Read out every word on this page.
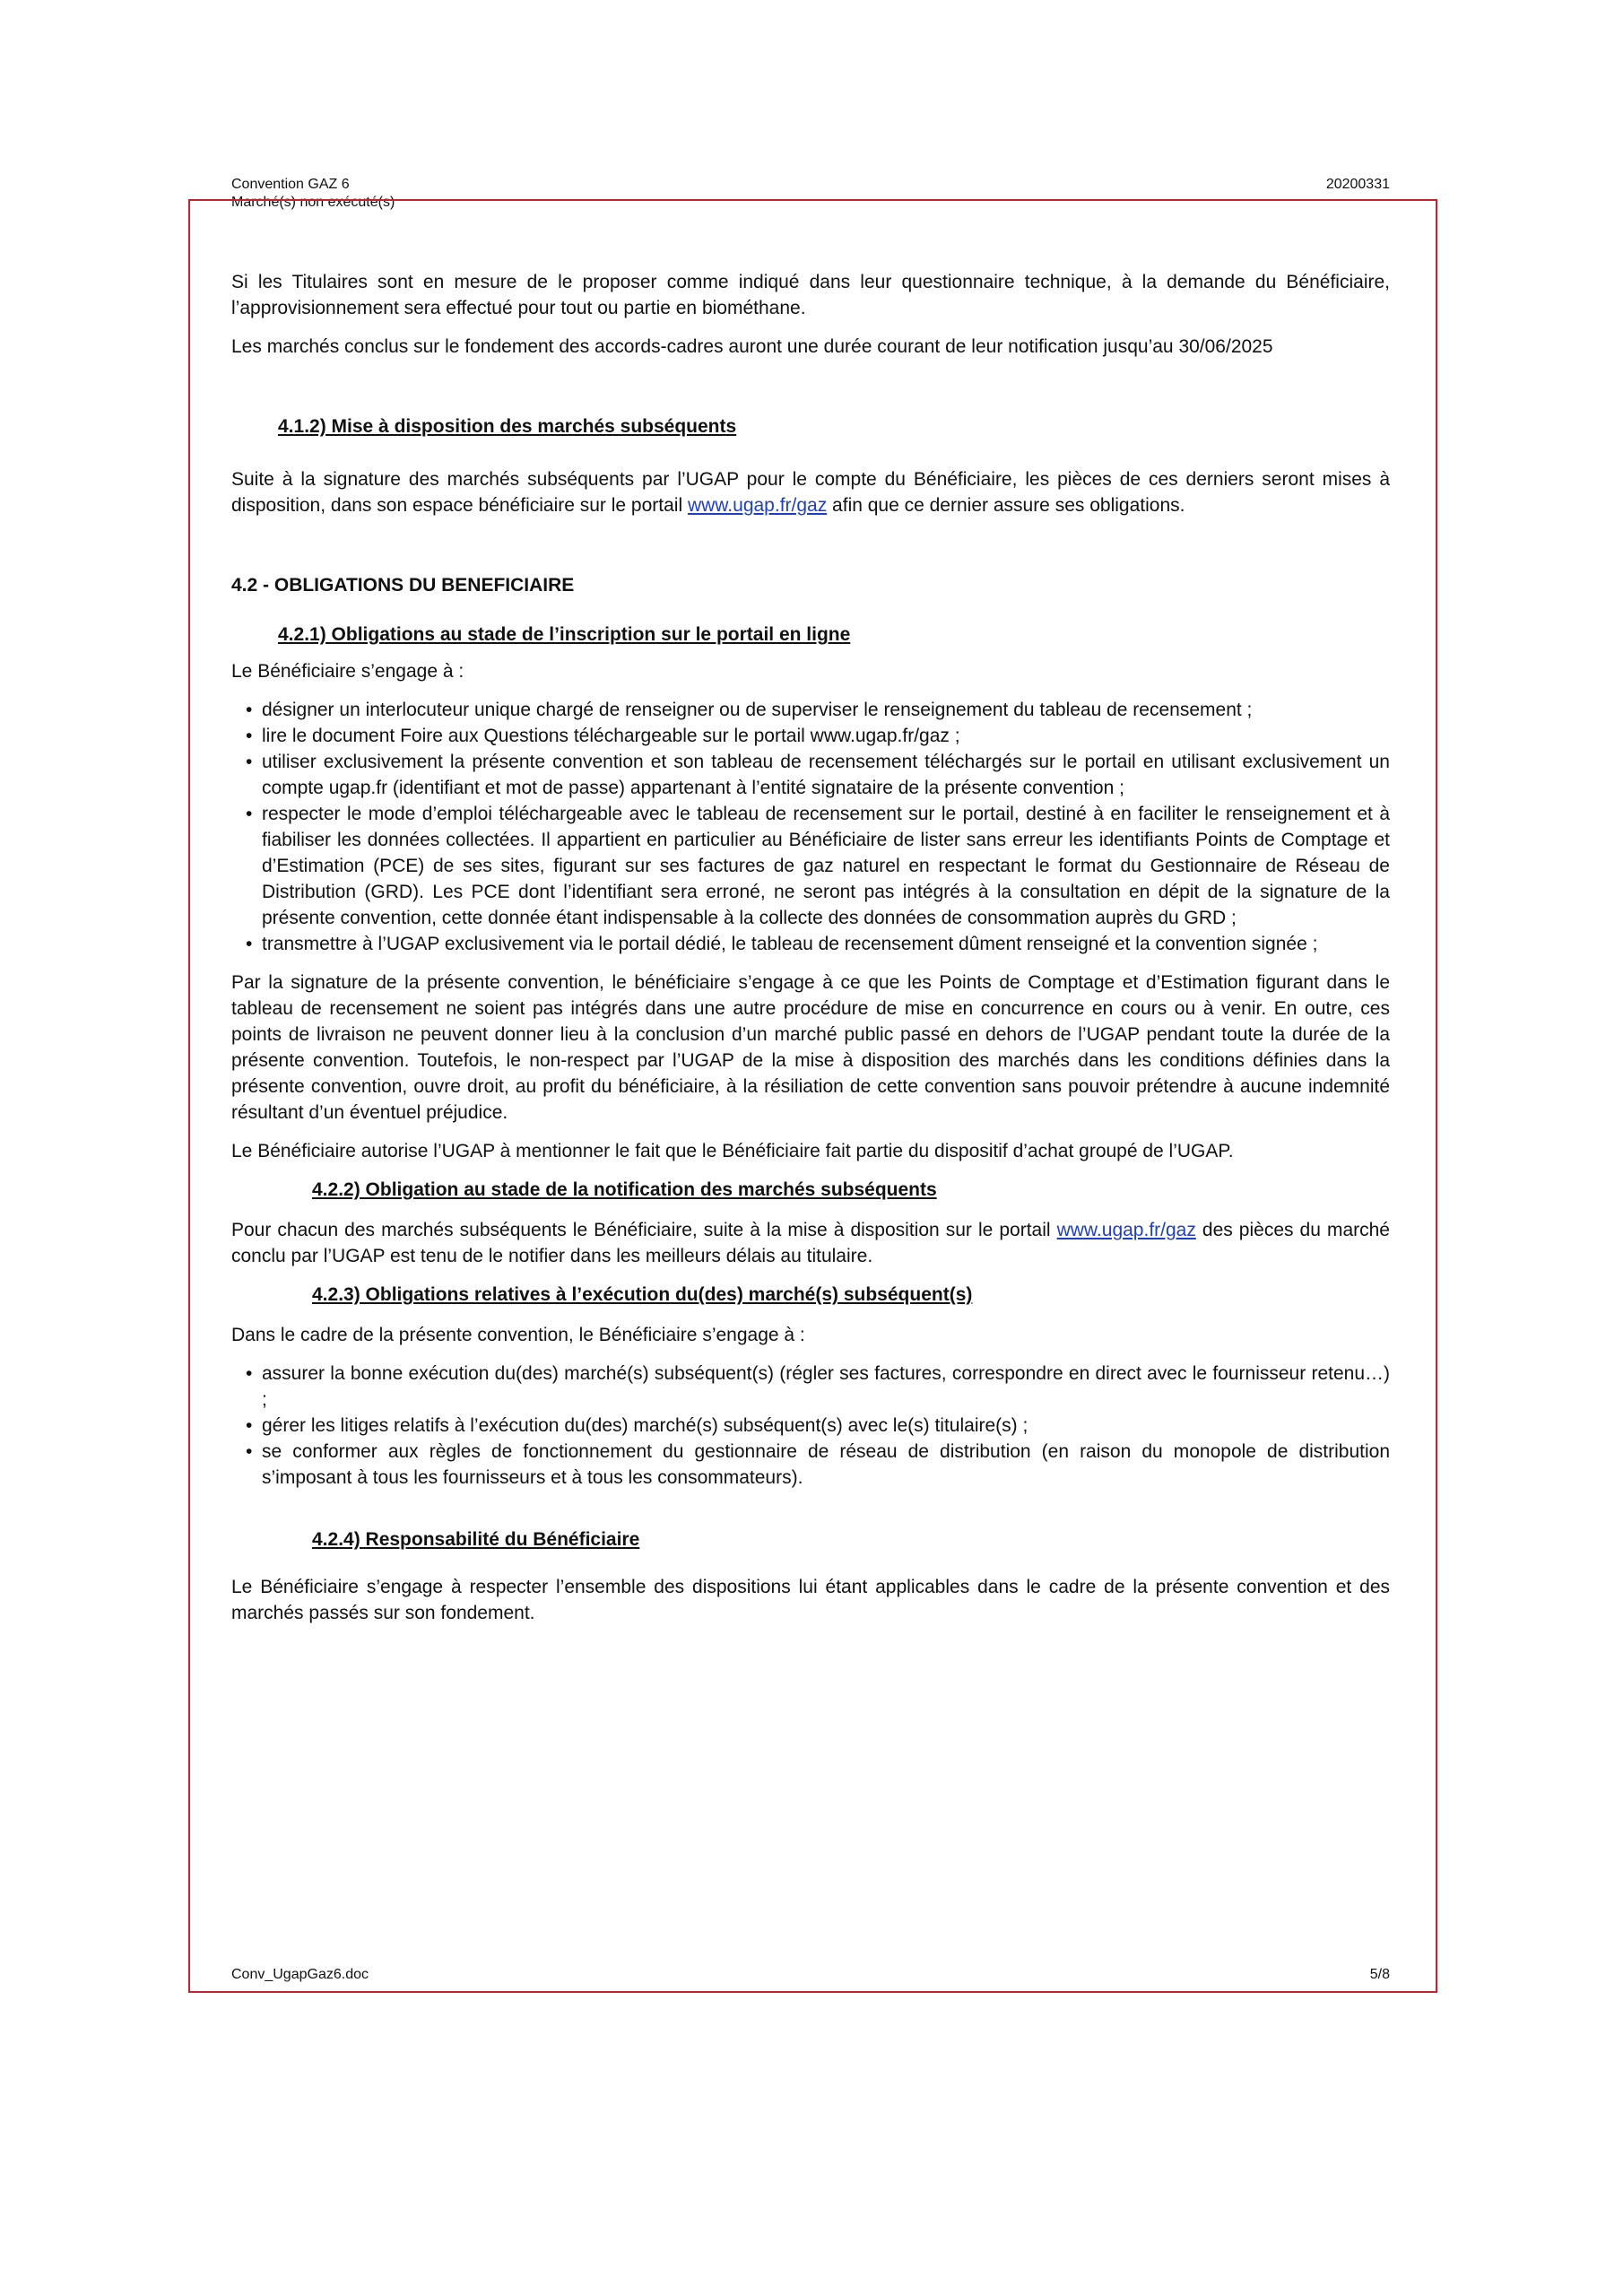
Convention GAZ 6
Marché(s) non exécuté(s)
20200331

Si les Titulaires sont en mesure de le proposer comme indiqué dans leur questionnaire technique, à la demande du Bénéficiaire, l’approvisionnement sera effectué pour tout ou partie en biométhane.

Les marchés conclus sur le fondement des accords-cadres auront une durée courant de leur notification jusqu’au 30/06/2025

4.1.2) Mise à disposition des marchés subséquents

Suite à la signature des marchés subséquents par l’UGAP pour le compte du Bénéficiaire, les pièces de ces derniers seront mises à disposition, dans son espace bénéficiaire sur le portail www.ugap.fr/gaz afin que ce dernier assure ses obligations.

4.2 - OBLIGATIONS DU BENEFICIAIRE
4.2.1) Obligations au stade de l’inscription sur le portail en ligne

Le Bénéficiaire s’engage à :

• désigner un interlocuteur unique chargé de renseigner ou de superviser le renseignement du tableau de recensement ;
• lire le document Foire aux Questions téléchargeable sur le portail www.ugap.fr/gaz ;
• utiliser exclusivement la présente convention et son tableau de recensement téléchargés sur le portail en utilisant exclusivement un compte ugap.fr (identifiant et mot de passe) appartenant à l’entité signataire de la présente convention ;
• respecter le mode d’emploi téléchargeable avec le tableau de recensement sur le portail, destiné à en faciliter le renseignement et à fiabiliser les données collectées. Il appartient en particulier au Bénéficiaire de lister sans erreur les identifiants Points de Comptage et d’Estimation (PCE) de ses sites, figurant sur ses factures de gaz naturel en respectant le format du Gestionnaire de Réseau de Distribution (GRD). Les PCE dont l’identifiant sera erroné, ne seront pas intégrés à la consultation en dépit de la signature de la présente convention, cette donnée étant indispensable à la collecte des données de consommation auprès du GRD ;
• transmettre à l’UGAP exclusivement via le portail dédié, le tableau de recensement dûment renseigné et la convention signée ;

Par la signature de la présente convention, le bénéficiaire s’engage à ce que les Points de Comptage et d’Estimation figurant dans le tableau de recensement ne soient pas intégrés dans une autre procédure de mise en concurrence en cours ou à venir. En outre, ces points de livraison ne peuvent donner lieu à la conclusion d’un marché public passé en dehors de l’UGAP pendant toute la durée de la présente convention. Toutefois, le non-respect par l’UGAP de la mise à disposition des marchés dans les conditions définies dans la présente convention, ouvre droit, au profit du bénéficiaire, à la résiliation de cette convention sans pouvoir prétendre à aucune indemnité résultant d’un éventuel préjudice.

Le Bénéficiaire autorise l’UGAP à mentionner le fait que le Bénéficiaire fait partie du dispositif d’achat groupé de l’UGAP.

4.2.2) Obligation au stade de la notification des marchés subséquents

Pour chacun des marchés subséquents le Bénéficiaire, suite à la mise à disposition sur le portail www.ugap.fr/gaz des pièces du marché conclu par l’UGAP est tenu de le notifier dans les meilleurs délais au titulaire.

4.2.3) Obligations relatives à l’exécution du(des) marché(s) subséquent(s)

Dans le cadre de la présente convention, le Bénéficiaire s’engage à :

• assurer la bonne exécution du(des) marché(s) subséquent(s) (régler ses factures, correspondre en direct avec le fournisseur retenu…) ;
• gérer les litiges relatifs à l’exécution du(des) marché(s) subséquent(s) avec le(s) titulaire(s) ;
• se conformer aux règles de fonctionnement du gestionnaire de réseau de distribution (en raison du monopole de distribution s’imposant à tous les fournisseurs et à tous les consommateurs).
4.2.4) Responsabilité du Bénéficiaire

Le Bénéficiaire s’engage à respecter l’ensemble des dispositions lui étant applicables dans le cadre de la présente convention et des marchés passés sur son fondement.

Conv_UgapGaz6.doc	5/8
